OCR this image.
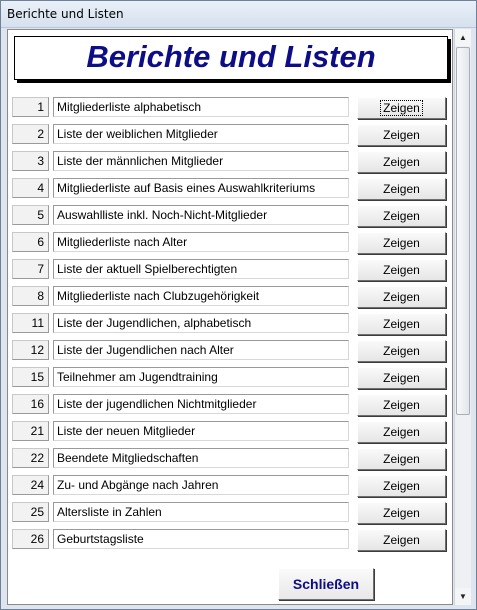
Berichte und Listen
Berichte und Listen
1	Mitgliederliste alphabetisch	Zeigen
2	Liste der weiblichen Mitglieder	Zeigen
3	Liste der männlichen Mitglieder	Zeigen
4	Mitgliederliste auf Basis eines Auswahlkriteriums	Zeigen
5	Auswahlliste inkl. Noch-Nicht-Mitglieder	Zeigen
6	Mitgliederliste nach Alter	Zeigen
7	Liste der aktuell Spielberechtigten	Zeigen
8	Mitgliederliste nach Clubzugehörigkeit	Zeigen
11	Liste der Jugendlichen, alphabetisch	Zeigen
12	Liste der Jugendlichen nach Alter	Zeigen
15	Teilnehmer am Jugendtraining	Zeigen
16	Liste der jugendlichen Nichtmitglieder	Zeigen
21	Liste der neuen Mitglieder	Zeigen
22	Beendete Mitgliedschaften	Zeigen
24	Zu- und Abgänge nach Jahren	Zeigen
25	Altersliste in Zahlen	Zeigen
26	Geburtstagsliste	Zeigen
Schließen
▲
▼
